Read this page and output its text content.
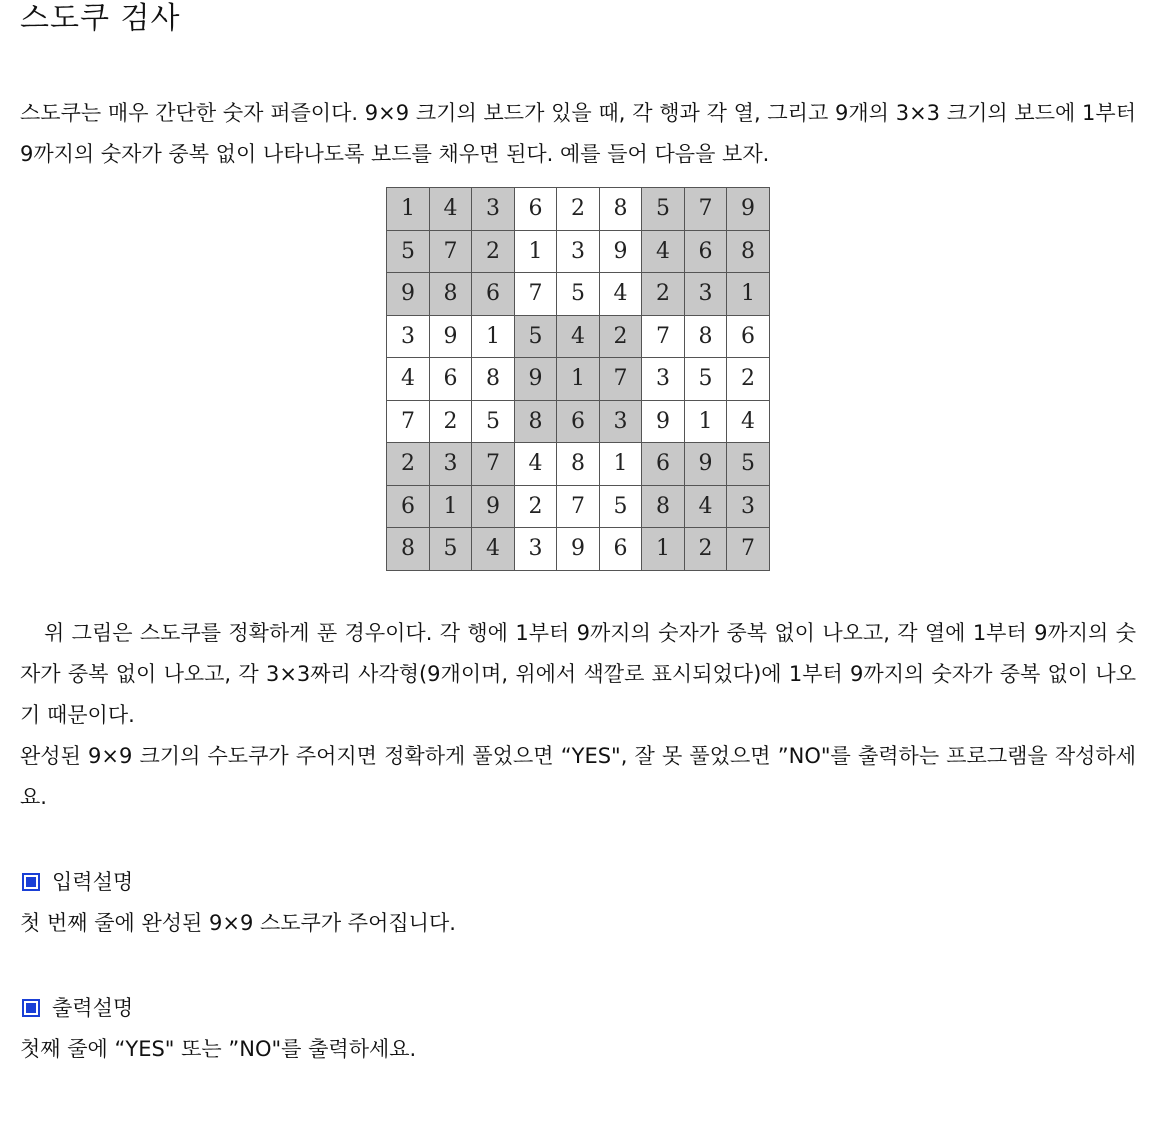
스도쿠 검사

스도쿠는 매우 간단한 숫자 퍼즐이다. 9×9 크기의 보드가 있을 때, 각 행과 각 열, 그리고 9개의 3×3 크기의 보드에 1부터 9까지의 숫자가 중복 없이 나타나도록 보드를 채우면 된다. 예를 들어 다음을 보자.

1	4	3	6	2	8	5	7	9
5	7	2	1	3	9	4	6	8
9	8	6	7	5	4	2	3	1
3	9	1	5	4	2	7	8	6
4	6	8	9	1	7	3	5	2
7	2	5	8	6	3	9	1	4
2	3	7	4	8	1	6	9	5
6	1	9	2	7	5	8	4	3
8	5	4	3	9	6	1	2	7

위 그림은 스도쿠를 정확하게 푼 경우이다. 각 행에 1부터 9까지의 숫자가 중복 없이 나오고, 각 열에 1부터 9까지의 숫자가 중복 없이 나오고, 각 3×3짜리 사각형(9개이며, 위에서 색깔로 표시되었다)에 1부터 9까지의 숫자가 중복 없이 나오기 때문이다.

완성된 9×9 크기의 수도쿠가 주어지면 정확하게 풀었으면 “YES", 잘 못 풀었으면 ”NO"를 출력하는 프로그램을 작성하세요.

입력설명

첫 번째 줄에 완성된 9×9 스도쿠가 주어집니다.

출력설명

첫째 줄에 “YES" 또는 ”NO"를 출력하세요.
